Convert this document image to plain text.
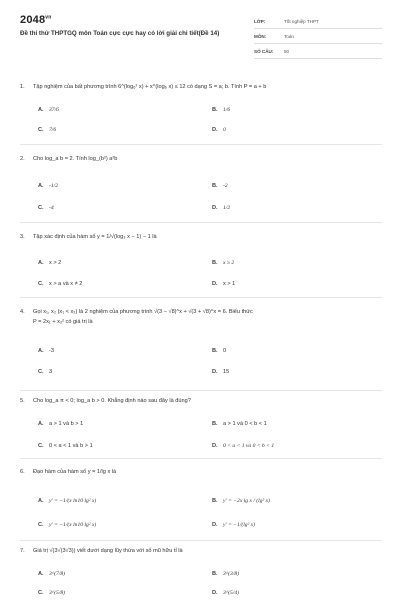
$2048^{vn}$
Đề thi thử THPTGQ môn Toán cực cực hay có lời giải chi tiết(Đề 14)
LỚP:	Tốt nghiệp THPT
MÔN:	Toán
SỐ CÂU:	50
1. Tập nghiệm của bất phương trình 6^(log₆² x) + x^(log₆ x) ≤ 12 có dạng S = a; b. Tính P = a + b
A. 37/6	B. 1/6
C. 7/6	D. 0
2. Cho log_a b = 2. Tính log_(b²) a²b
A. -1/2	B. -2
C. -4	D. 1/2
3. Tập xác định của hàm số y = 1/√(log₃ x − 1) − 1 là
A. x > 2	B. x ≥ 2
C. x > a và x ≠ 2	D. x > 1
4. Gọi x₁, x₂ (x₁ < x₂) là 2 nghiệm của phương trình √(3 − √8)^x + √(3 + √8)^x = 6. Biểu thức
P = 2x₁ + x₂² có giá trị là
A. -3	B. 0
C. 3	D. 15
5. Cho log_a π < 0; log_a b > 0. Khẳng định nào sau đây là đúng?
A. a > 1 và b > 1	B. a > 1 và 0 < b < 1
C. 0 < a < 1 và b > 1	D. 0 < a < 1 và 0 < b < 1
6. Đạo hàm của hàm số y = 1/lg x là
A. y' = −1/(x ln10 lg² x)	B. y' = −2x lg x / (lg² x)
C. y' = −1/(x ln10 lg² x)	D. y' = −1/(lg² x)
7. Giá trị √(3√(3√3)) viết dưới dạng lũy thừa với số mũ hữu tỉ là
A. 3^(7/8)	B. 3^(3/8)
C. 3^(5/8)	D. 3^(5/4)
